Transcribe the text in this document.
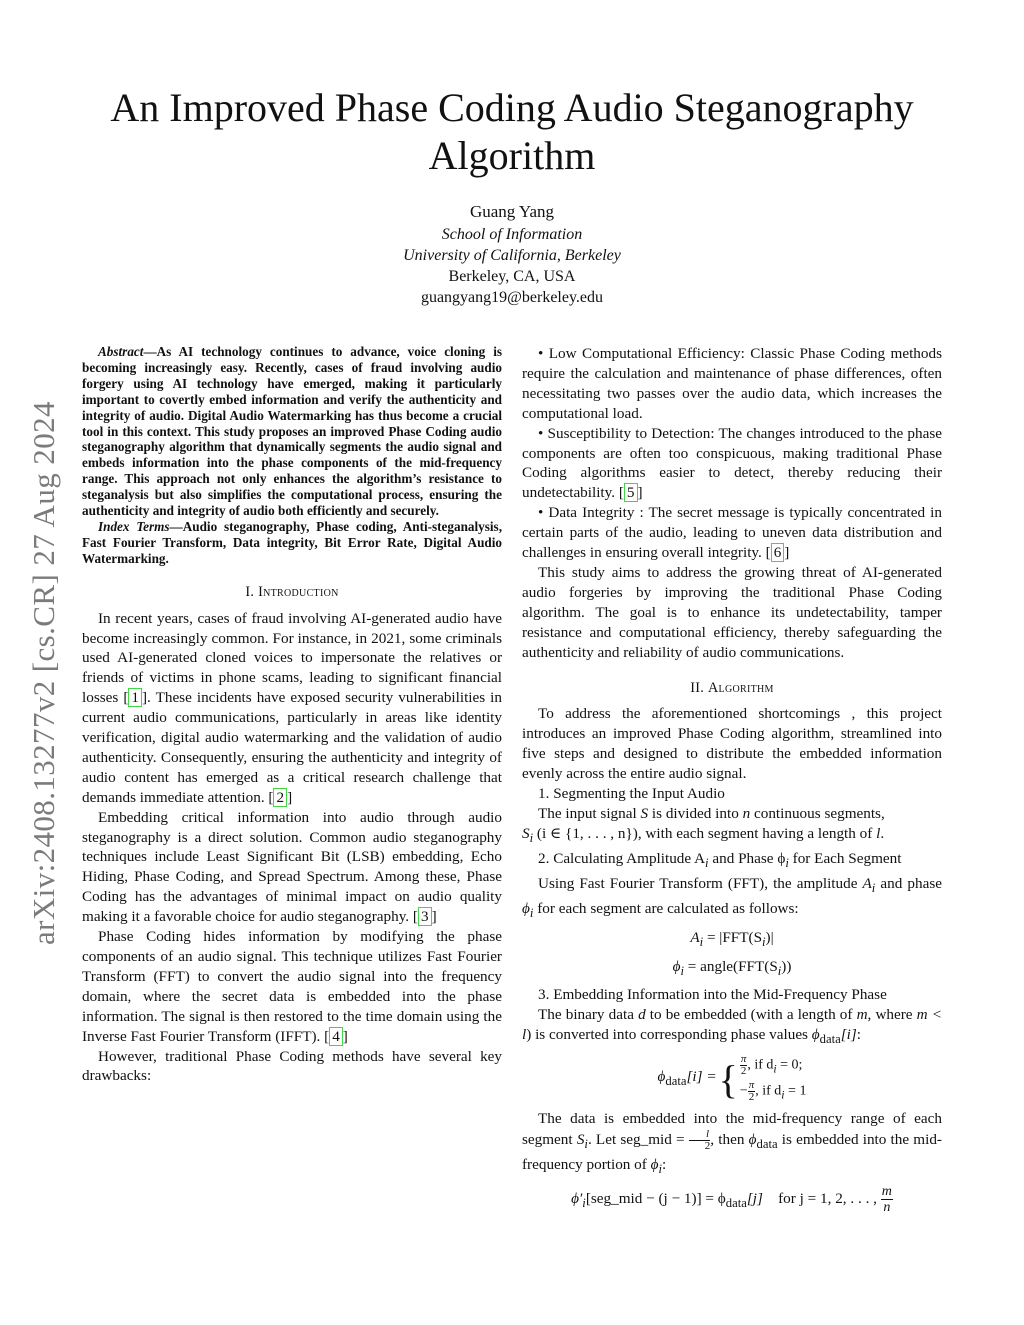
arXiv:2408.13277v2 [cs.CR] 27 Aug 2024
An Improved Phase Coding Audio Steganography
Algorithm
Guang Yang
School of Information
University of California, Berkeley
Berkeley, CA, USA
guangyang19@berkeley.edu

Abstract—As AI technology continues to advance, voice cloning is becoming increasingly easy. Recently, cases of fraud involving audio forgery using AI technology have emerged, making it particularly important to covertly embed information and verify the authenticity and integrity of audio. Digital Audio Watermarking has thus become a crucial tool in this context. This study proposes an improved Phase Coding audio steganography algorithm that dynamically segments the audio signal and embeds information into the phase components of the mid-frequency range. This approach not only enhances the algorithm’s resistance to steganalysis but also simplifies the computational process, ensuring the authenticity and integrity of audio both efficiently and securely.

Index Terms—Audio steganography, Phase coding, Anti-steganalysis, Fast Fourier Transform, Data integrity, Bit Error Rate, Digital Audio Watermarking.

I. Introduction

In recent years, cases of fraud involving AI-generated audio have become increasingly common. For instance, in 2021, some criminals used AI-generated cloned voices to impersonate the relatives or friends of victims in phone scams, leading to significant financial losses [ 1 ]. These incidents have exposed security vulnerabilities in current audio communications, particularly in areas like identity verification, digital audio watermarking and the validation of audio authenticity. Consequently, ensuring the authenticity and integrity of audio content has emerged as a critical research challenge that demands immediate attention. [ 2 ]

Embedding critical information into audio through audio steganography is a direct solution. Common audio steganography techniques include Least Significant Bit (LSB) embedding, Echo Hiding, Phase Coding, and Spread Spectrum. Among these, Phase Coding has the advantages of minimal impact on audio quality making it a favorable choice for audio steganography. [ 3 ]

Phase Coding hides information by modifying the phase components of an audio signal. This technique utilizes Fast Fourier Transform (FFT) to convert the audio signal into the frequency domain, where the secret data is embedded into the phase information. The signal is then restored to the time domain using the Inverse Fast Fourier Transform (IFFT). [ 4 ]

However, traditional Phase Coding methods have several key drawbacks:

• Low Computational Efficiency: Classic Phase Coding methods require the calculation and maintenance of phase differences, often necessitating two passes over the audio data, which increases the computational load.

• Susceptibility to Detection: The changes introduced to the phase components are often too conspicuous, making traditional Phase Coding algorithms easier to detect, thereby reducing their undetectability. [ 5 ]

• Data Integrity : The secret message is typically concentrated in certain parts of the audio, leading to uneven data distribution and challenges in ensuring overall integrity. [ 6 ]

This study aims to address the growing threat of AI-generated audio forgeries by improving the traditional Phase Coding algorithm. The goal is to enhance its undetectability, tamper resistance and computational efficiency, thereby safeguarding the authenticity and reliability of audio communications.

II. Algorithm

To address the aforementioned shortcomings , this project introduces an improved Phase Coding algorithm, streamlined into five steps and designed to distribute the embedded information evenly across the entire audio signal.

1. Segmenting the Input Audio

The input signal S is divided into n continuous segments,

$S_i$ (i ∈ {1, . . . , n}), with each segment having a length of l.

2. Calculating Amplitude $A_i$ and Phase $\phi_i$ for Each Segment

Using Fast Fourier Transform (FFT), the amplitude $A_i$ and phase $\phi_i$ for each segment are calculated as follows:

$A_i = |FFT(S_i)|$
$\phi_i$ = $angle(FFT(S_i))$

3. Embedding Information into the Mid-Frequency Phase

The binary data d to be embedded (with a length of m, where m < l) is converted into corresponding phase values $\phi_{data}[i]$:

$\phi_{data}[i]$ = { $\frac{\pi}{2}$ , if $d_i = 0$;
− $\frac{\pi}{2}$ , if $d_i = 1$

The data is embedded into the mid-frequency range of each segment $S_i$. Let seg_mid = $\frac{l}{2}$ , then $\phi_{data}$ is embedded into the mid-frequency portion of $\phi_i$:

$\phi'_i[seg\_mid - (j - 1)] = \phi_{data}[j]$ for j = 1, 2, . . . , $\frac{m}{n}$
